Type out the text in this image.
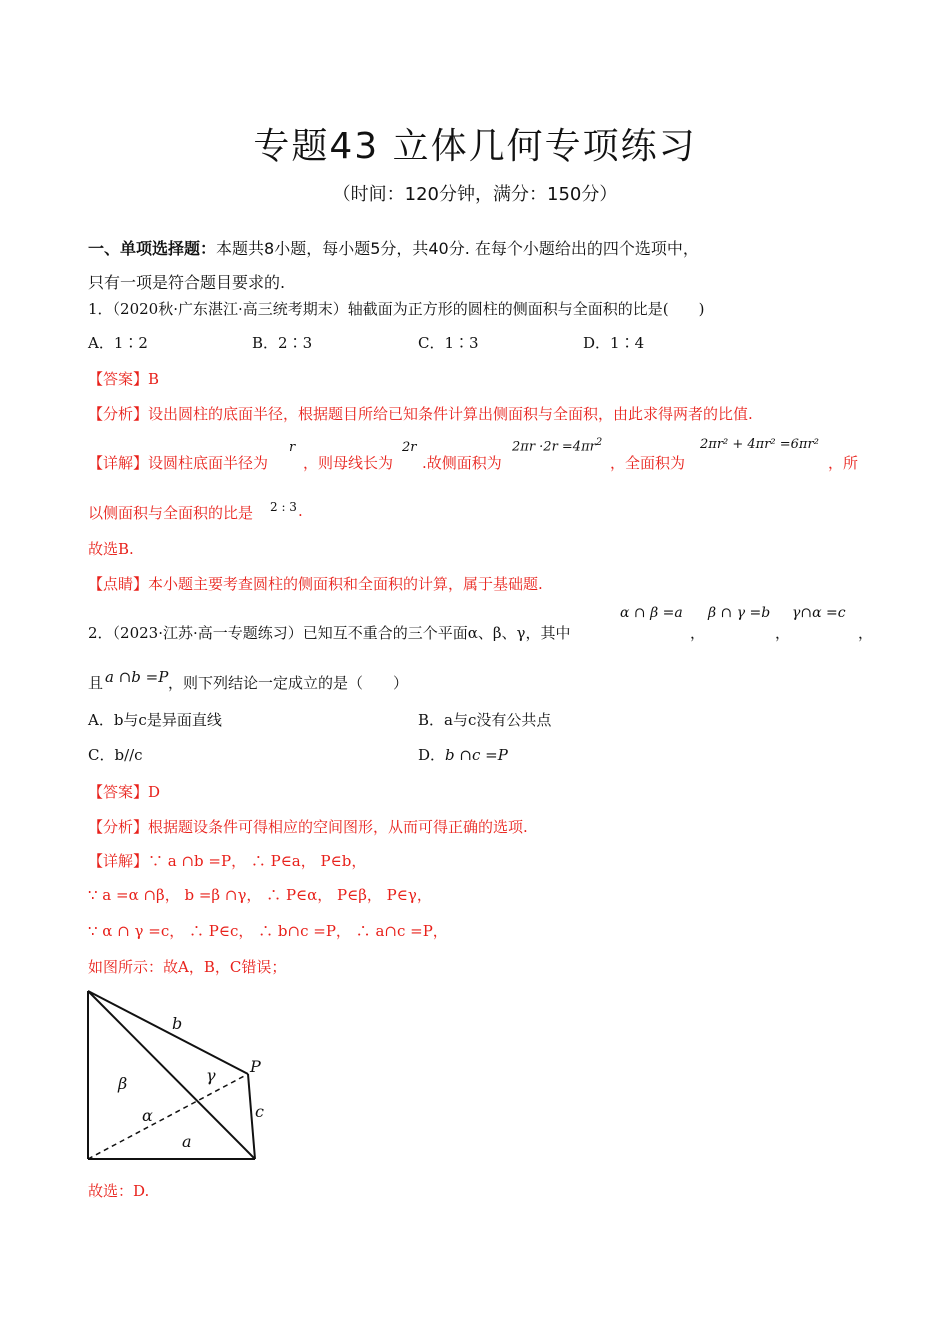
专题43 立体几何专项练习
（时间：120分钟，满分：150分）
一、单项选择题：本题共8小题，每小题5分，共40分. 在每个小题给出的四个选项中，
只有一项是符合题目要求的.
1．（2020秋·广东湛江·高三统考期末）轴截面为正方形的圆柱的侧面积与全面积的比是(　　)
A．1∶2	B．2∶3	C．1∶3	D．1∶4
【答案】B
【分析】设出圆柱的底面半径，根据题目所给已知条件计算出侧面积与全面积，由此求得两者的比值.
【详解】设圆柱底面半径为
r
，则母线长为
2r
.故侧面积为
$2\pi r \cdot 2r =4\pi r^2$
，全面积为
2πr² + 4πr² =6πr²
，所
以侧面积与全面积的比是 2 : 3 .
故选B.
【点睛】本小题主要考查圆柱的侧面积和全面积的计算，属于基础题.
2．（2023·江苏·高一专题练习）已知互不重合的三个平面α、β、γ，其中
α ∩ β =a
，
β ∩ γ =b
，
γ∩α =c
，
且 a ∩b =P ，则下列结论一定成立的是（　　）
A．b与c是异面直线	B．a与c没有公共点
C．b//c	D．b ∩c =P
【答案】D
【分析】根据题设条件可得相应的空间图形，从而可得正确的选项.
【详解】∵ a ∩b =P， ∴ P∈a， P∈b，
∵ a =α ∩β， b =β ∩γ， ∴ P∈α， P∈β， P∈γ，
∵ α ∩ γ =c， ∴ P∈c， ∴ b∩c =P， ∴ a∩c =P，
如图所示：故A，B，C错误；
b
β	γ P
α	c
a
故选：D.
